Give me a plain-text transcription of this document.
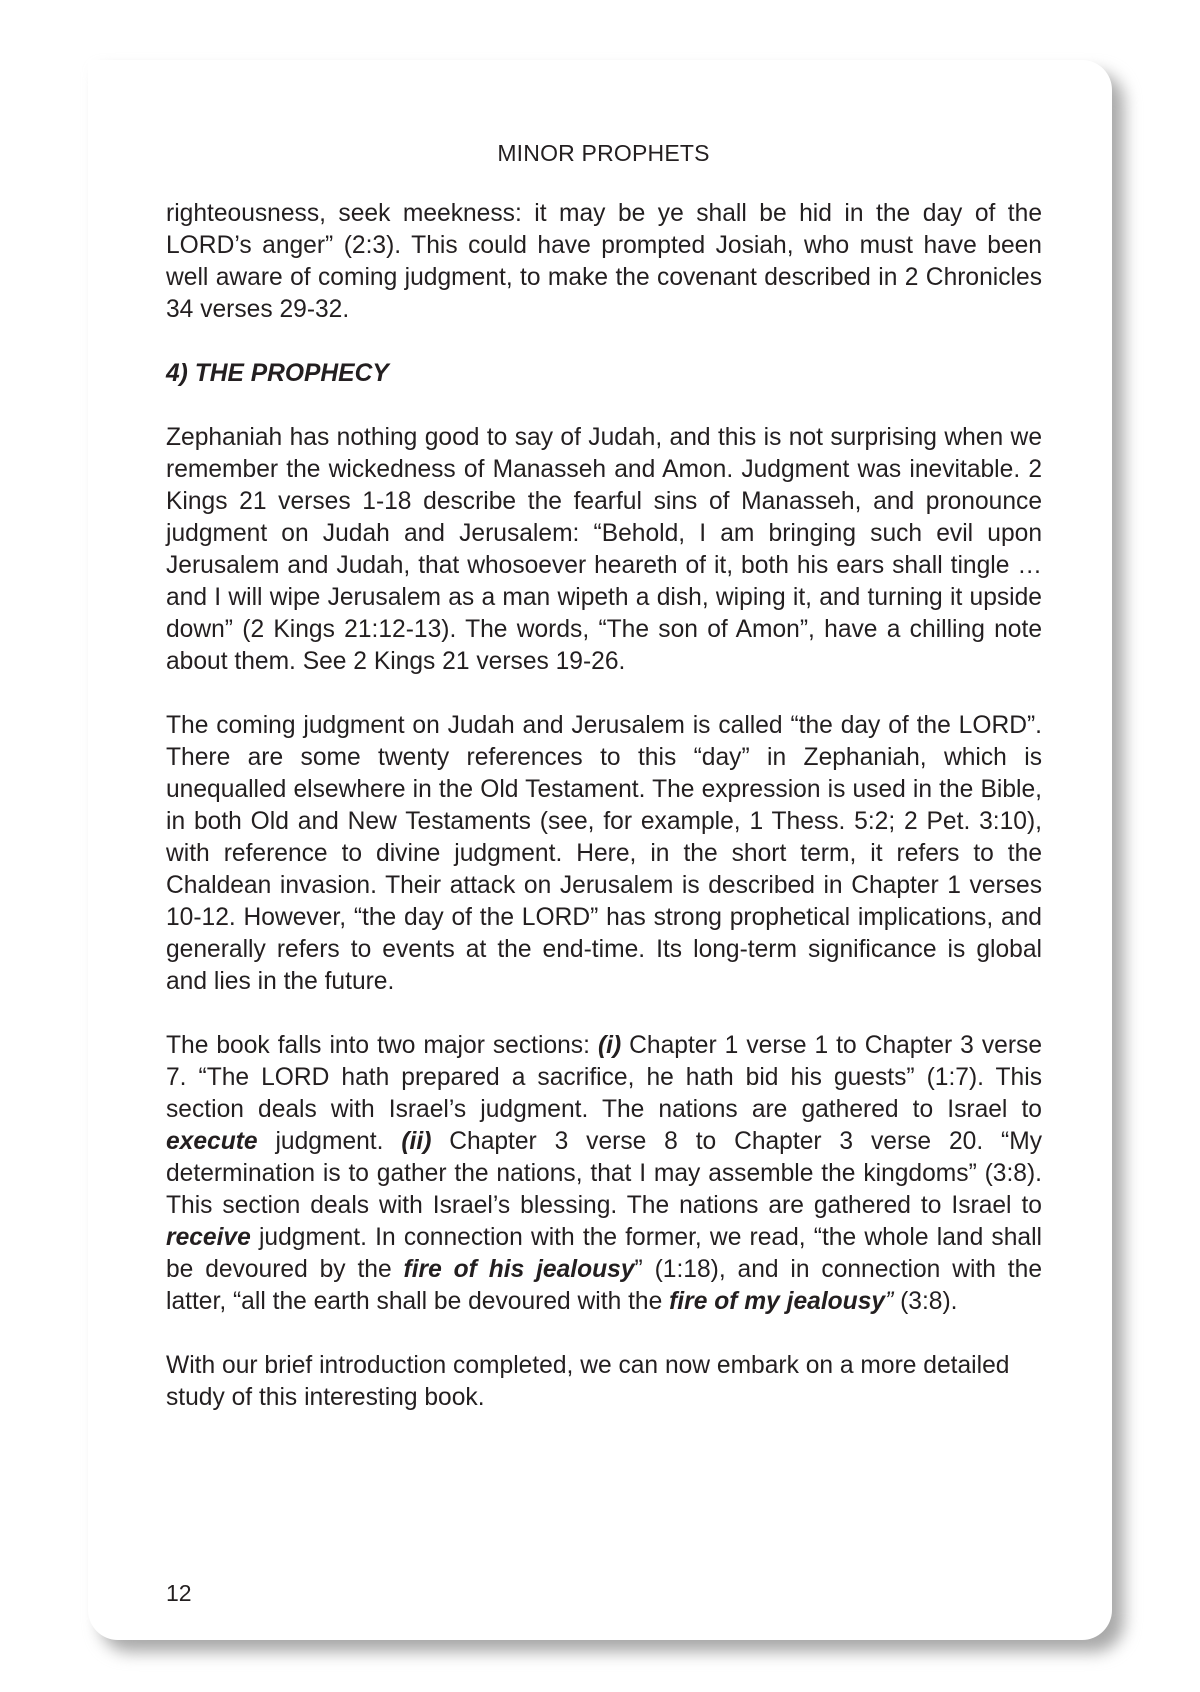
MINOR PROPHETS

righteousness, seek meekness: it may be ye shall be hid in the day of the LORD’s anger” (2:3). This could have prompted Josiah, who must have been well aware of coming judgment, to make the covenant described in 2 Chronicles 34 verses 29-32.

4) THE PROPHECY

Zephaniah has nothing good to say of Judah, and this is not surprising when we remember the wickedness of Manasseh and Amon. Judgment was inevitable. 2 Kings 21 verses 1-18 describe the fearful sins of Manasseh, and pronounce judgment on Judah and Jerusalem: “Behold, I am bringing such evil upon Jerusalem and Judah, that whosoever heareth of it, both his ears shall tingle … and I will wipe Jerusalem as a man wipeth a dish, wiping it, and turning it upside down” (2 Kings 21:12-13). The words, “The son of Amon”, have a chilling note about them. See 2 Kings 21 verses 19-26.

The coming judgment on Judah and Jerusalem is called “the day of the LORD”. There are some twenty references to this “day” in Zephaniah, which is unequalled elsewhere in the Old Testament. The expression is used in the Bible, in both Old and New Testaments (see, for example, 1 Thess. 5:2; 2 Pet. 3:10), with reference to divine judgment. Here, in the short term, it refers to the Chaldean invasion. Their attack on Jerusalem is described in Chapter 1 verses 10-12. However, “the day of the LORD” has strong prophetical implications, and generally refers to events at the end-time. Its long-term significance is global and lies in the future.

The book falls into two major sections: (i) Chapter 1 verse 1 to Chapter 3 verse 7. “The LORD hath prepared a sacrifice, he hath bid his guests” (1:7). This section deals with Israel’s judgment. The nations are gathered to Israel to execute judgment. (ii) Chapter 3 verse 8 to Chapter 3 verse 20. “My determination is to gather the nations, that I may assemble the kingdoms” (3:8). This section deals with Israel’s blessing. The nations are gathered to Israel to receive judgment. In connection with the former, we read, “the whole land shall be devoured by the fire of his jealousy” (1:18), and in connection with the latter, “all the earth shall be devoured with the fire of my jealousy” (3:8).

With our brief introduction completed, we can now embark on a more detailed study of this interesting book.

12
